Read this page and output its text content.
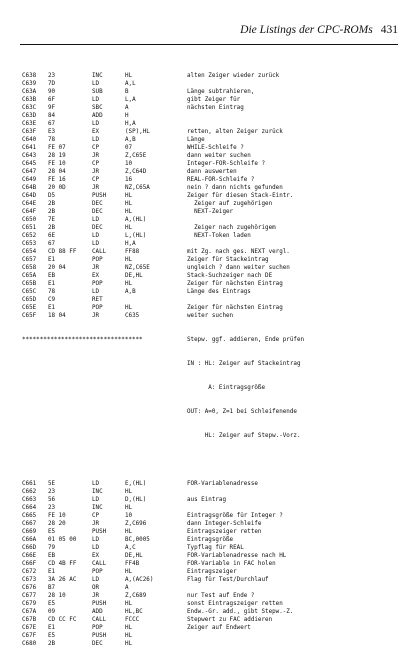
Die Listings der CPC-ROMs 431

C638 23	INC	HL	alten Zeiger wieder zurück
C639 7D	LD	A,L
C63A 90	SUB	B	Länge subtrahieren,
C63B 6F	LD	L,A	gibt Zeiger für
C63C 9F	SBC	A	nächsten Eintrag
C63D 84	ADD	H
C63E 67	LD	H,A
C63F E3	EX	(SP),HL	retten, alten Zeiger zurück
C640 78	LD	A,B	Länge
C641 FE 07	CP	07	WHILE-Schleife ?
C643 28 19	JR	Z,C65E	dann weiter suchen
C645 FE 10	CP	10	Integer-FOR-Schleife ?
C647 28 04	JR	Z,C64D	dann auswerten
C649 FE 16	CP	16	REAL-FOR-Schleife ?
C64B 20 0D	JR	NZ,C65A	nein ? dann nichts gefunden
C64D D5	PUSH	HL	Zeiger für diesen Stack-Eintr.
C64E 2B	DEC	HL	Zeiger auf zugehörigen
C64F 2B	DEC	HL	NEXT-Zeiger
C650 7E	LD	A,(HL)
C651 2B	DEC	HL	Zeiger nach zugehörigem
C652 6E	LD	L,(HL)	NEXT-Token laden
C653 67	LD	H,A
C654 CD 88 FF	CALL	FF88	mit Zg. nach ges. NEXT vergl.
C657 E1	POP	HL	Zeiger für Stackeintrag
C658 20 04	JR	NZ,C65E	ungleich ? dann weiter suchen
C65A EB	EX	DE,HL	Stack-Suchzeiger nach DE
C65B E1	POP	HL	Zeiger für nächsten Eintrag
C65C 78	LD	A,B	Länge des Eintrags
C65D C9	RET
C65E E1	POP	HL	Zeiger für nächsten Eintrag
C65F 18 04	JR	C635	weiter suchen

**********************************

	Stepw. ggf. addieren, Ende prüfen

IN : HL: Zeiger auf Stackeintrag

A: Eintragsgröße

OUT: A=0, Z=1 bei Schleifenende

HL: Zeiger auf Stepw.-Vorz.

C661 5E	LD	E,(HL)	FOR-Variablenadresse
C662 23	INC	HL
C663 56	LD	D,(HL)	aus Eintrag
C664 23	INC	HL
C665 FE 10	CP	10	Eintragsgröße für Integer ?
C667 28 20	JR	Z,C696	dann Integer-Schleife
C669 E5	PUSH	HL	Eintragszeiger retten
C66A 01 05 00	LD	BC,0005	Eintragsgröße
C66D 79	LD	A,C	Typflag für REAL
C66E EB	EX	DE,HL	FOR-Variablenadresse nach HL
C66F CD 4B FF	CALL	FF4B	FOR-Variable in FAC holen
C672 E1	POP	HL	Eintragszeiger
C673 3A 26 AC	LD	A,(AC26)	Flag für Test/Durchlauf
C676 B7	OR	A
C677 28 10	JR	Z,C689	nur Test auf Ende ?
C679 E5	PUSH	HL	sonst Eintragszeiger retten
C67A 09	ADD	HL,BC	Endw.-Gr. add., gibt Stepw.-Z.
C67B CD CC FC	CALL	FCCC	Stepwert zu FAC addieren
C67E E1	POP	HL	Zeiger auf Endwert
C67F E5	PUSH	HL
C680 2B	DEC	HL
